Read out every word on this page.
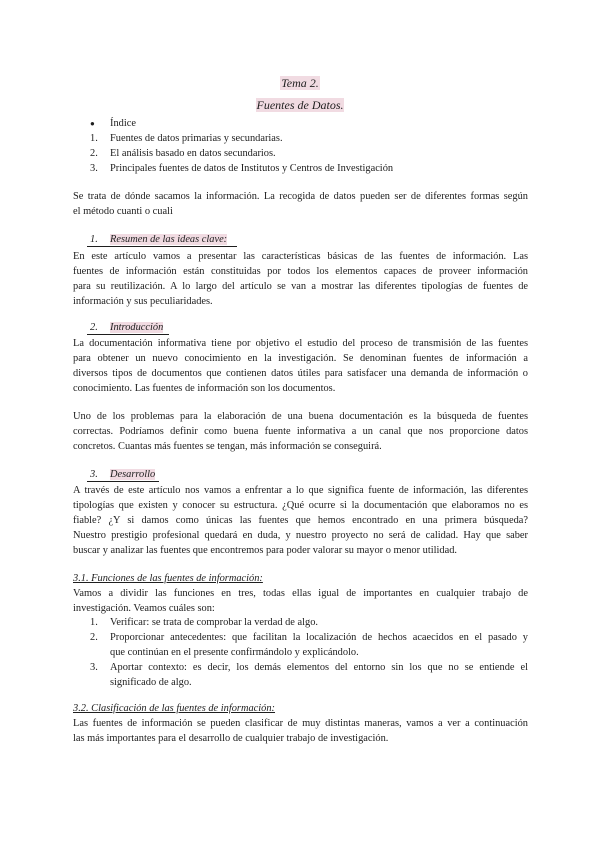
Tema 2.
Fuentes de Datos.
● Índice
1. Fuentes de datos primarias y secundarias.
2. El análisis basado en datos secundarios.
3. Principales fuentes de datos de Institutos y Centros de Investigación
Se trata de dónde sacamos la información. La recogida de datos pueden ser de diferentes formas según
el método cuanti o cuali
1. Resumen de las ideas clave:
En este artículo vamos a presentar las características básicas de las fuentes de información. Las
fuentes de información están constituidas por todos los elementos capaces de proveer información
para su reutilización. A lo largo del artículo se van a mostrar las diferentes tipologías de fuentes de
información y sus peculiaridades.
2. Introducción
La documentación informativa tiene por objetivo el estudio del proceso de transmisión de las fuentes
para obtener un nuevo conocimiento en la investigación. Se denominan fuentes de información a
diversos tipos de documentos que contienen datos útiles para satisfacer una demanda de información o
conocimiento. Las fuentes de información son los documentos.
Uno de los problemas para la elaboración de una buena documentación es la búsqueda de fuentes
correctas. Podríamos definir como buena fuente informativa a un canal que nos proporcione datos
concretos. Cuantas más fuentes se tengan, más información se conseguirá.
3. Desarrollo
A través de este artículo nos vamos a enfrentar a lo que significa fuente de información, las diferentes
tipologías que existen y conocer su estructura. ¿Qué ocurre si la documentación que elaboramos no es
fiable? ¿Y si damos como únicas las fuentes que hemos encontrado en una primera búsqueda?
Nuestro prestigio profesional quedará en duda, y nuestro proyecto no será de calidad. Hay que saber
buscar y analizar las fuentes que encontremos para poder valorar su mayor o menor utilidad.
3.1. Funciones de las fuentes de información:
Vamos a dividir las funciones en tres, todas ellas igual de importantes en cualquier trabajo de
investigación. Veamos cuáles son:
1. Verificar: se trata de comprobar la verdad de algo.
2. Proporcionar antecedentes: que facilitan la localización de hechos acaecidos en el pasado y
que continúan en el presente confirmándolo y explicándolo.
3. Aportar contexto: es decir, los demás elementos del entorno sin los que no se entiende el
significado de algo.
3.2. Clasificación de las fuentes de información:
Las fuentes de información se pueden clasificar de muy distintas maneras, vamos a ver a continuación
las más importantes para el desarrollo de cualquier trabajo de investigación.
